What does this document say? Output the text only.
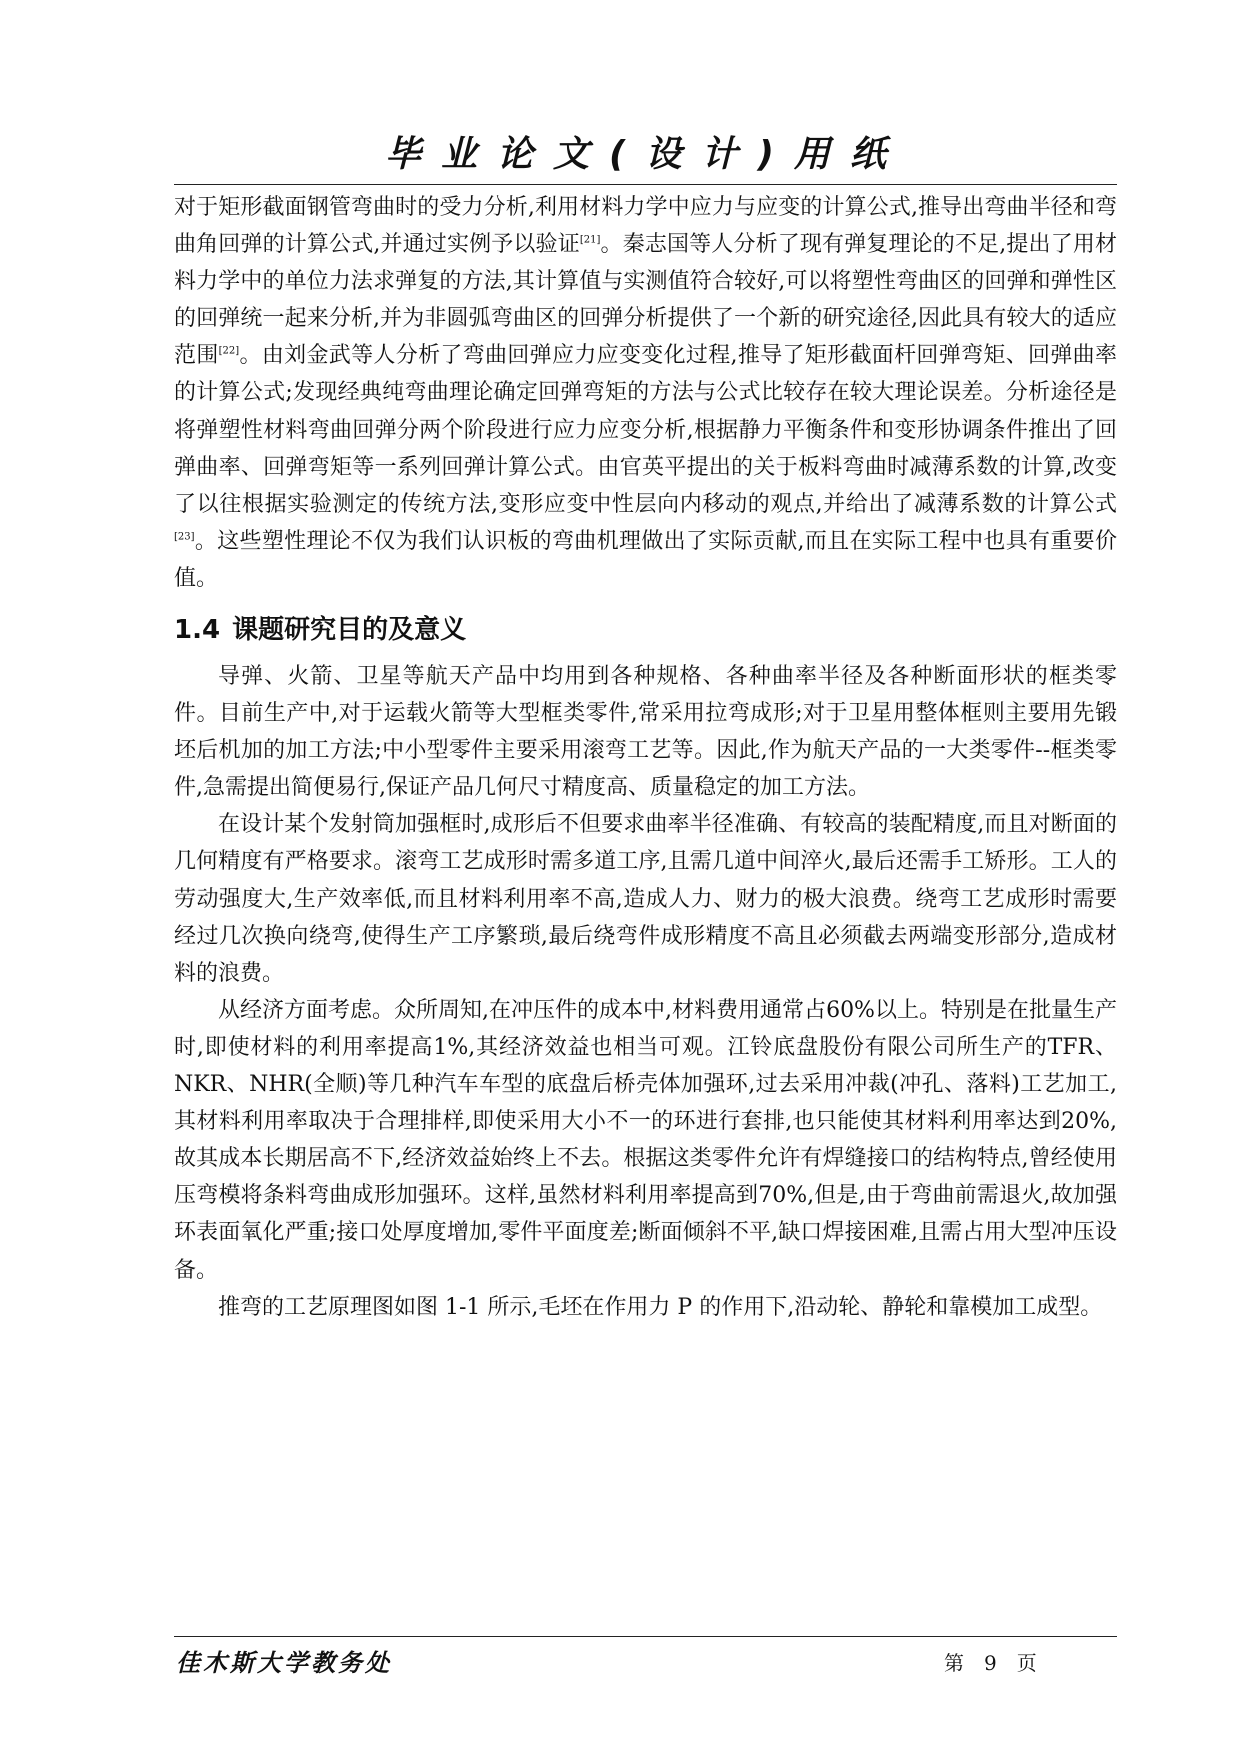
毕业论文(设计)用纸

对于矩形截面钢管弯曲时的受力分析,利用材料力学中应力与应变的计算公式,推导出弯曲半径和弯曲角回弹的计算公式,并通过实例予以验证[21]。秦志国等人分析了现有弹复理论的不足,提出了用材料力学中的单位力法求弹复的方法,其计算值与实测值符合较好,可以将塑性弯曲区的回弹和弹性区的回弹统一起来分析,并为非圆弧弯曲区的回弹分析提供了一个新的研究途径,因此具有较大的适应范围[22]。由刘金武等人分析了弯曲回弹应力应变变化过程,推导了矩形截面杆回弹弯矩、回弹曲率的计算公式;发现经典纯弯曲理论确定回弹弯矩的方法与公式比较存在较大理论误差。分析途径是将弹塑性材料弯曲回弹分两个阶段进行应力应变分析,根据静力平衡条件和变形协调条件推出了回弹曲率、回弹弯矩等一系列回弹计算公式。由官英平提出的关于板料弯曲时减薄系数的计算,改变了以往根据实验测定的传统方法,变形应变中性层向内移动的观点,并给出了减薄系数的计算公式[23]。这些塑性理论不仅为我们认识板的弯曲机理做出了实际贡献,而且在实际工程中也具有重要价值。

1.4 课题研究目的及意义

导弹、火箭、卫星等航天产品中均用到各种规格、各种曲率半径及各种断面形状的框类零件。目前生产中,对于运载火箭等大型框类零件,常采用拉弯成形;对于卫星用整体框则主要用先锻坯后机加的加工方法;中小型零件主要采用滚弯工艺等。因此,作为航天产品的一大类零件--框类零件,急需提出简便易行,保证产品几何尺寸精度高、质量稳定的加工方法。

在设计某个发射筒加强框时,成形后不但要求曲率半径准确、有较高的装配精度,而且对断面的几何精度有严格要求。滚弯工艺成形时需多道工序,且需几道中间淬火,最后还需手工矫形。工人的劳动强度大,生产效率低,而且材料利用率不高,造成人力、财力的极大浪费。绕弯工艺成形时需要经过几次换向绕弯,使得生产工序繁琐,最后绕弯件成形精度不高且必须截去两端变形部分,造成材料的浪费。

从经济方面考虑。众所周知,在冲压件的成本中,材料费用通常占60%以上。特别是在批量生产时,即使材料的利用率提高1%,其经济效益也相当可观。江铃底盘股份有限公司所生产的TFR、NKR、NHR(全顺)等几种汽车车型的底盘后桥壳体加强环,过去采用冲裁(冲孔、落料)工艺加工,其材料利用率取决于合理排样,即使采用大小不一的环进行套排,也只能使其材料利用率达到20%,故其成本长期居高不下,经济效益始终上不去。根据这类零件允许有焊缝接口的结构特点,曾经使用压弯模将条料弯曲成形加强环。这样,虽然材料利用率提高到70%,但是,由于弯曲前需退火,故加强环表面氧化严重;接口处厚度增加,零件平面度差;断面倾斜不平,缺口焊接困难,且需占用大型冲压设备。

推弯的工艺原理图如图 1-1 所示,毛坯在作用力 P 的作用下,沿动轮、静轮和靠模加工成型。

佳木斯大学教务处	第 9 页
